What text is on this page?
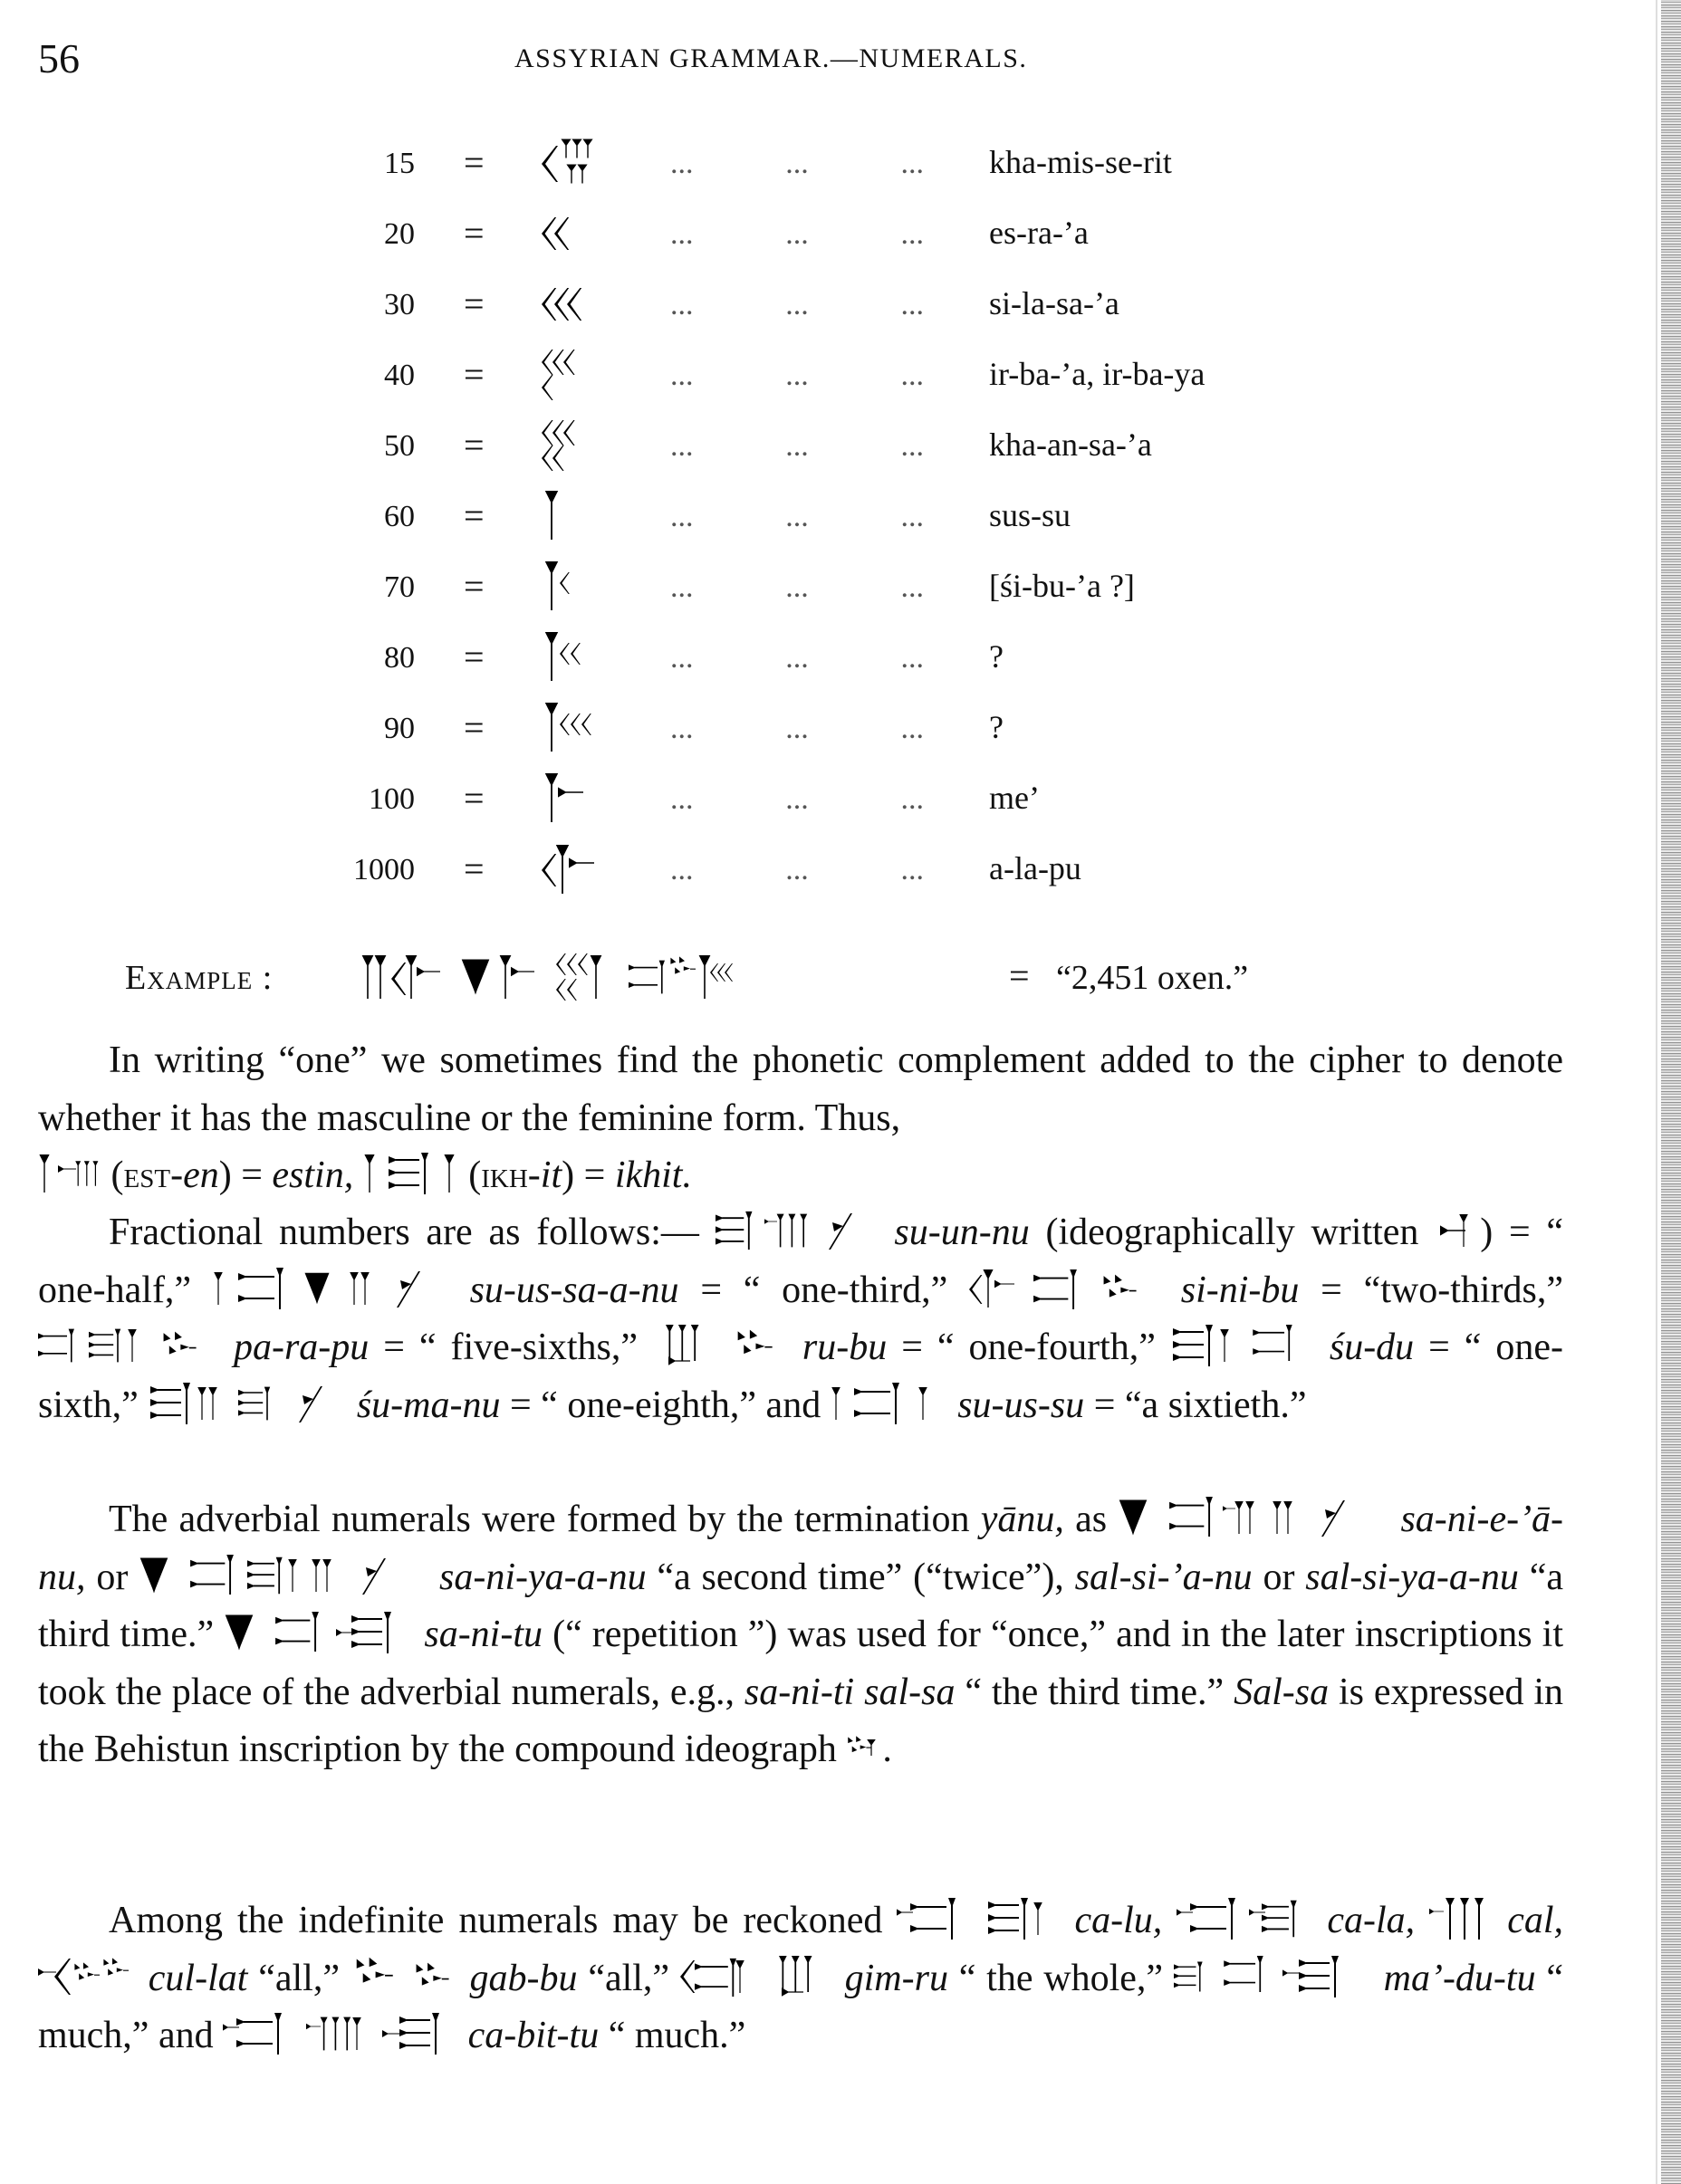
56	ASSYRIAN GRAMMAR.—NUMERALS.
15 =	...	...	... kha-mis-se-rit
20 =	...	...	... es-ra-’a
30 =	...	...	... si-la-sa-’a
40 =	...	...	... ir-ba-’a, ir-ba-ya
50 =	...	...	... kha-an-sa-’a
60 =	...	...	... sus-su
70 =	...	...	... [śi-bu-’a ?]
80 =	...	...	... ?
90 =	...	...	... ?
100 =	...	...	... me’
1000 =	...	...	... a-la-pu
Example :	= “2,451 oxen.”
In writing “one” we sometimes find the phonetic complement added to the cipher to denote whether it has the masculine or the feminine form. Thus,
(est-en) = estin,	(ikh-it) = ikhit.
Fractional numbers are as follows:—	su-un-nu (ideographically written ) = “ one-half,”	su-us-sa-a-nu = “ one-third,”	si-ni-bu = “two-thirds,”  pa-ra-pu = “ five-sixths,”	ru-bu = “ one-fourth,”	śu-du = “ one-sixth,”	śu-ma-nu = “ one-eighth,” and	su-us-su = “a sixtieth.”
The adverbial numerals were formed by the termination yānu, as	sa-ni-e-’ā-nu, or	sa-ni-ya-a-nu “a second time” (“twice”), sal-si-’a-nu or sal-si-ya-a-nu “a third time.”	sa-ni-tu (“ repetition ”) was used for “once,” and in the later inscriptions it took the place of the adverbial numerals, e.g., sa-ni-ti sal-sa “ the third time.” Sal-sa is expressed in the Behistun inscription by the compound ideograph .
Among the indefinite numerals may be reckoned	ca-lu,	ca-la, cal,  cul-lat “all,”	gab-bu “all,”	gim-ru “ the whole,”	ma’-du-tu “ much,” and	ca-bit-tu “ much.”
